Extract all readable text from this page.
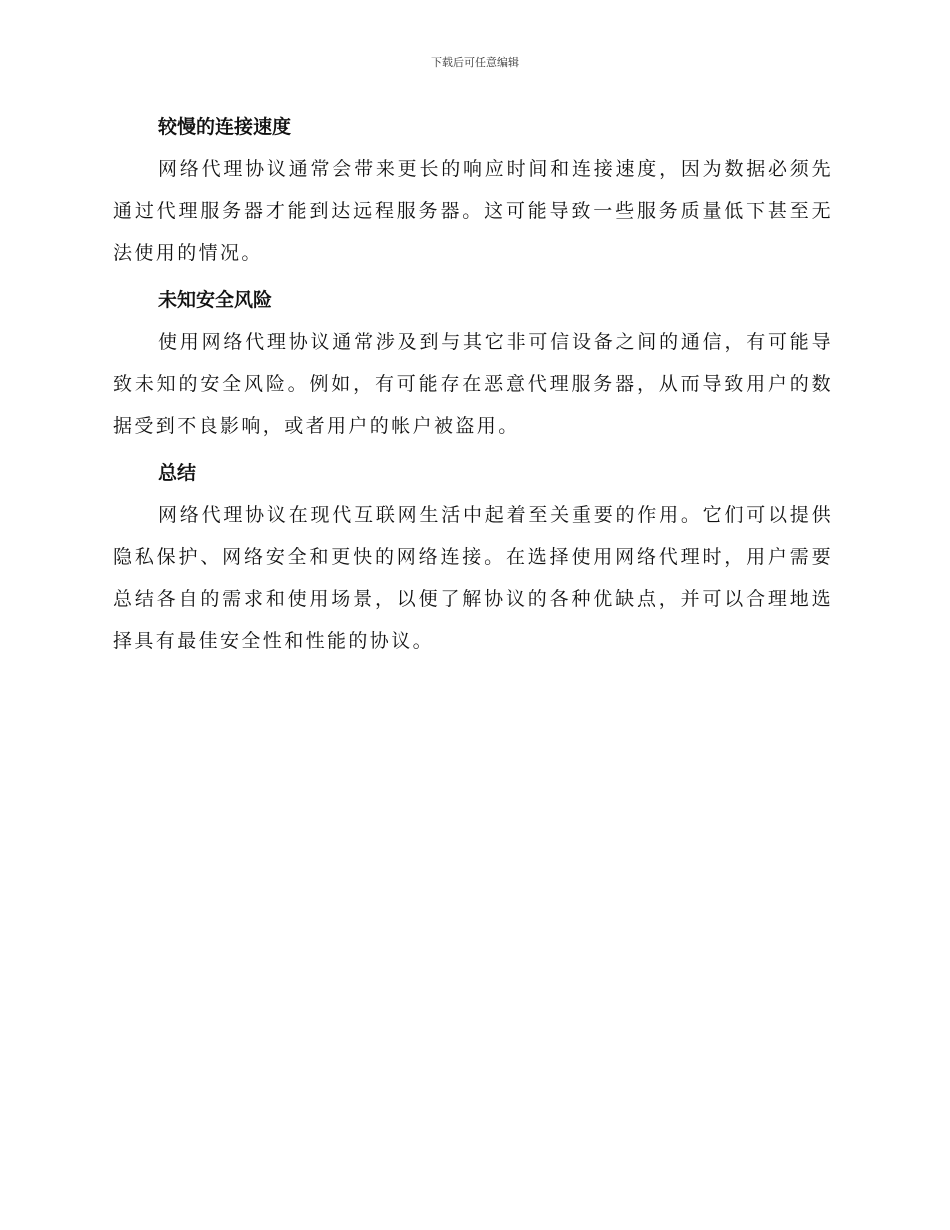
下载后可任意编辑
较慢的连接速度

网络代理协议通常会带来更长的响应时间和连接速度，因为数据必须先通过代理服务器才能到达远程服务器。这可能导致一些服务质量低下甚至无法使用的情况。

未知安全风险

使用网络代理协议通常涉及到与其它非可信设备之间的通信，有可能导致未知的安全风险。例如，有可能存在恶意代理服务器，从而导致用户的数据受到不良影响，或者用户的帐户被盗用。

总结

网络代理协议在现代互联网生活中起着至关重要的作用。它们可以提供隐私保护、网络安全和更快的网络连接。在选择使用网络代理时，用户需要总结各自的需求和使用场景，以便了解协议的各种优缺点，并可以合理地选择具有最佳安全性和性能的协议。
